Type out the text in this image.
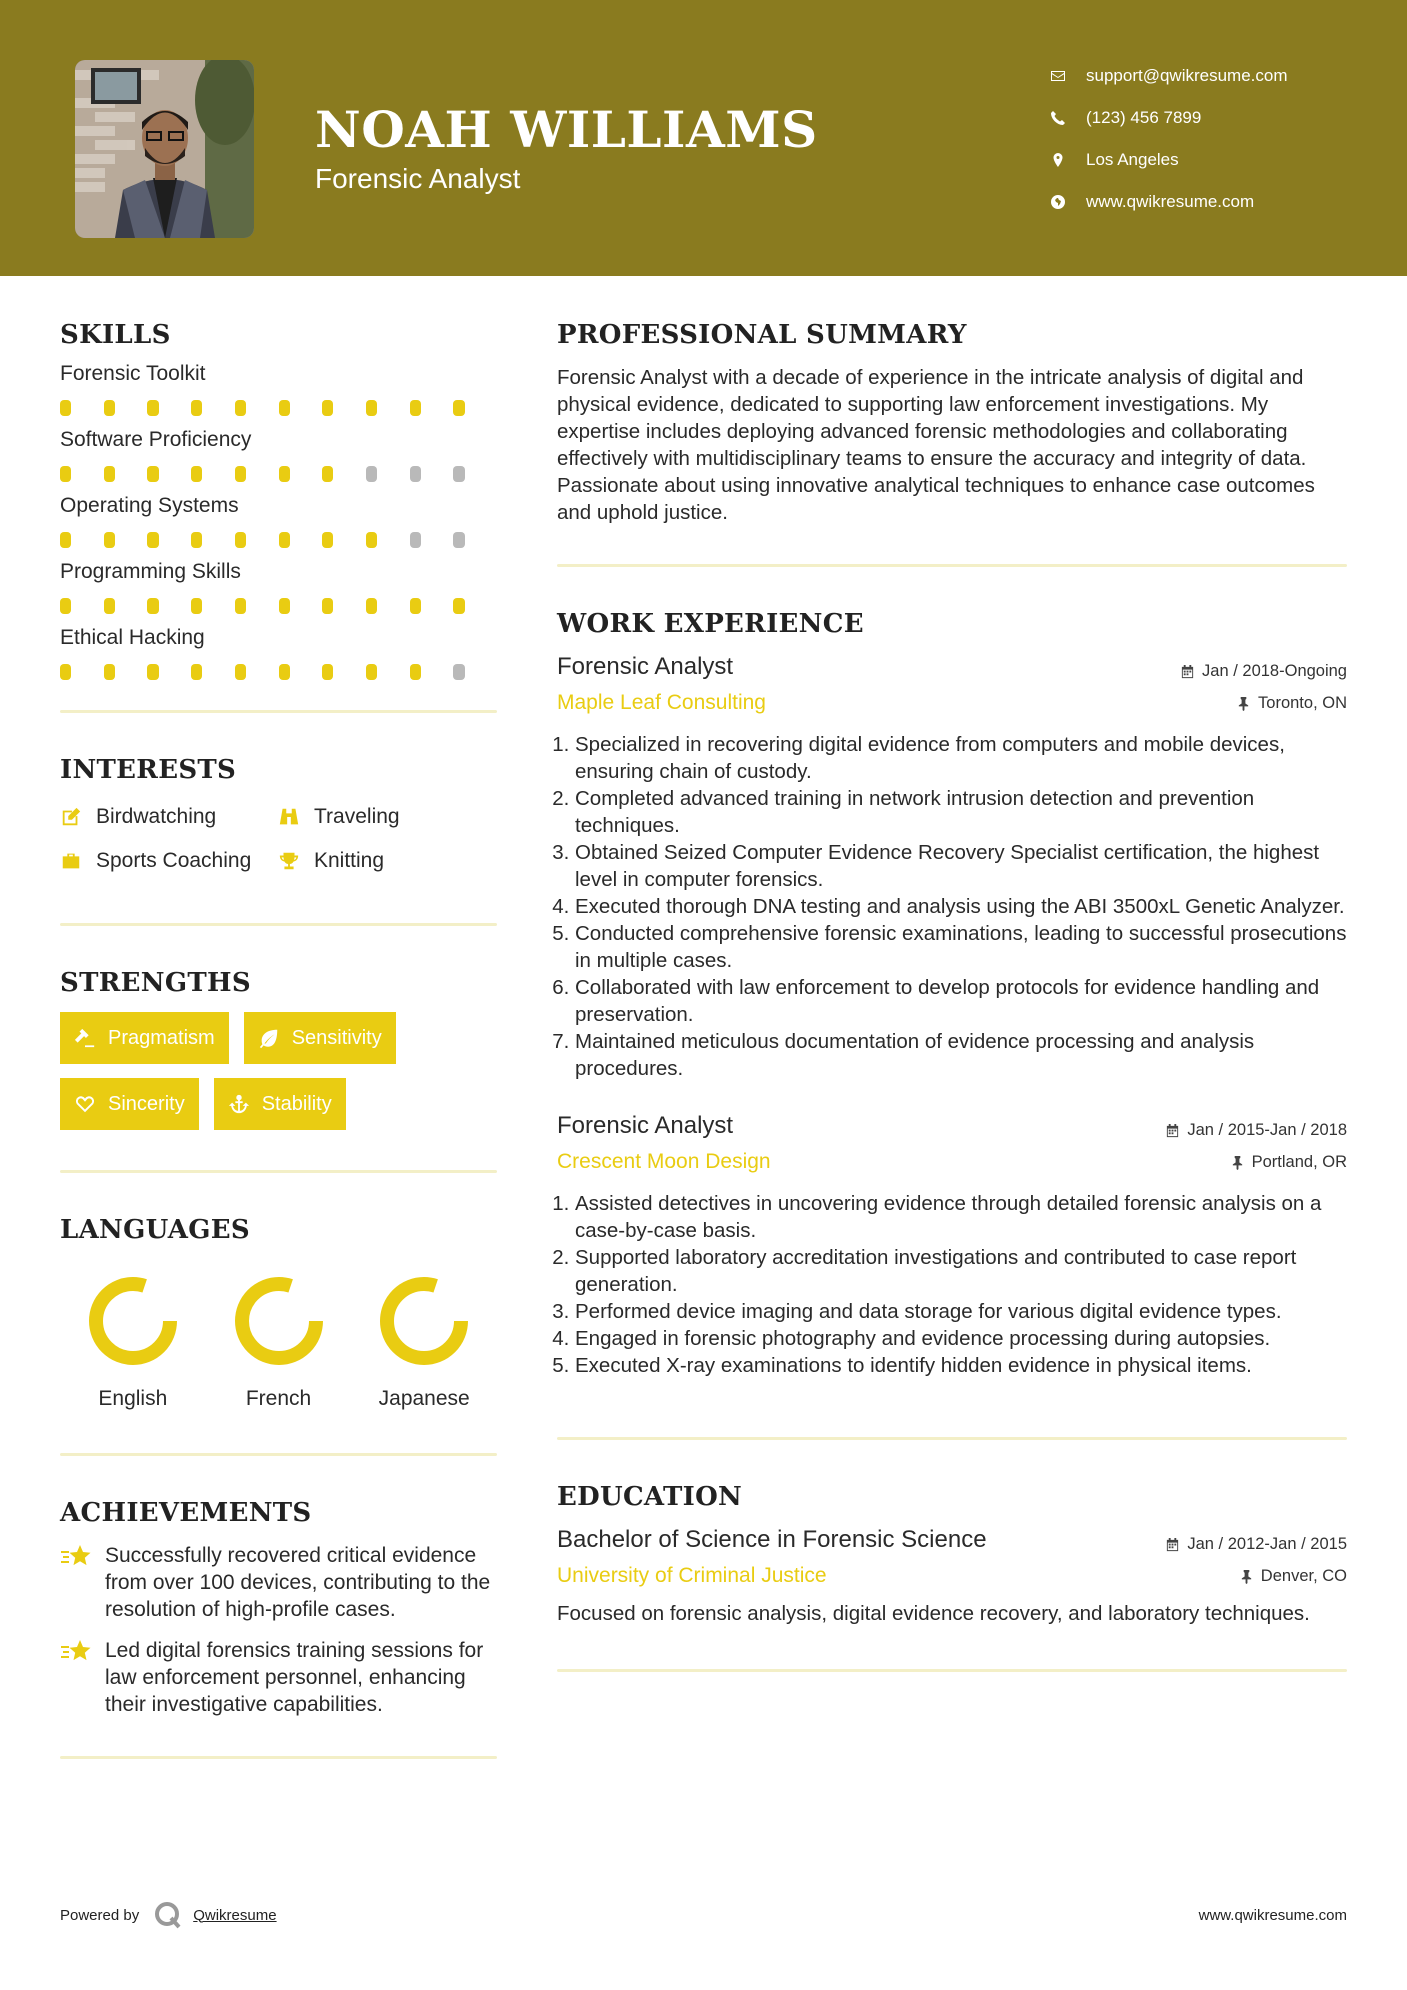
NOAH WILLIAMS
Forensic Analyst
support@qwikresume.com
(123) 456 7899
Los Angeles
www.qwikresume.com
SKILLS
Forensic Toolkit
Software Proficiency
Operating Systems
Programming Skills
Ethical Hacking
INTERESTS
Birdwatching	Traveling
Sports Coaching	Knitting
STRENGTHS
Pragmatism	Sensitivity
Sincerity	Stability
LANGUAGES
English	French	Japanese
ACHIEVEMENTS
Successfully recovered critical evidence from over 100 devices, contributing to the resolution of high-profile cases.
Led digital forensics training sessions for law enforcement personnel, enhancing their investigative capabilities.
PROFESSIONAL SUMMARY
Forensic Analyst with a decade of experience in the intricate analysis of digital and physical evidence, dedicated to supporting law enforcement investigations. My expertise includes deploying advanced forensic methodologies and collaborating effectively with multidisciplinary teams to ensure the accuracy and integrity of data. Passionate about using innovative analytical techniques to enhance case outcomes and uphold justice.
WORK EXPERIENCE
Forensic Analyst	Jan / 2018-Ongoing
Maple Leaf Consulting	Toronto, ON
1. Specialized in recovering digital evidence from computers and mobile devices, ensuring chain of custody.
2. Completed advanced training in network intrusion detection and prevention techniques.
3. Obtained Seized Computer Evidence Recovery Specialist certification, the highest level in computer forensics.
4. Executed thorough DNA testing and analysis using the ABI 3500xL Genetic Analyzer.
5. Conducted comprehensive forensic examinations, leading to successful prosecutions in multiple cases.
6. Collaborated with law enforcement to develop protocols for evidence handling and preservation.
7. Maintained meticulous documentation of evidence processing and analysis procedures.
Forensic Analyst	Jan / 2015-Jan / 2018
Crescent Moon Design	Portland, OR
1. Assisted detectives in uncovering evidence through detailed forensic analysis on a case-by-case basis.
2. Supported laboratory accreditation investigations and contributed to case report generation.
3. Performed device imaging and data storage for various digital evidence types.
4. Engaged in forensic photography and evidence processing during autopsies.
5. Executed X-ray examinations to identify hidden evidence in physical items.
EDUCATION
Bachelor of Science in Forensic Science	Jan / 2012-Jan / 2015
University of Criminal Justice	Denver, CO
Focused on forensic analysis, digital evidence recovery, and laboratory techniques.
Powered by	Qwikresume	www.qwikresume.com
